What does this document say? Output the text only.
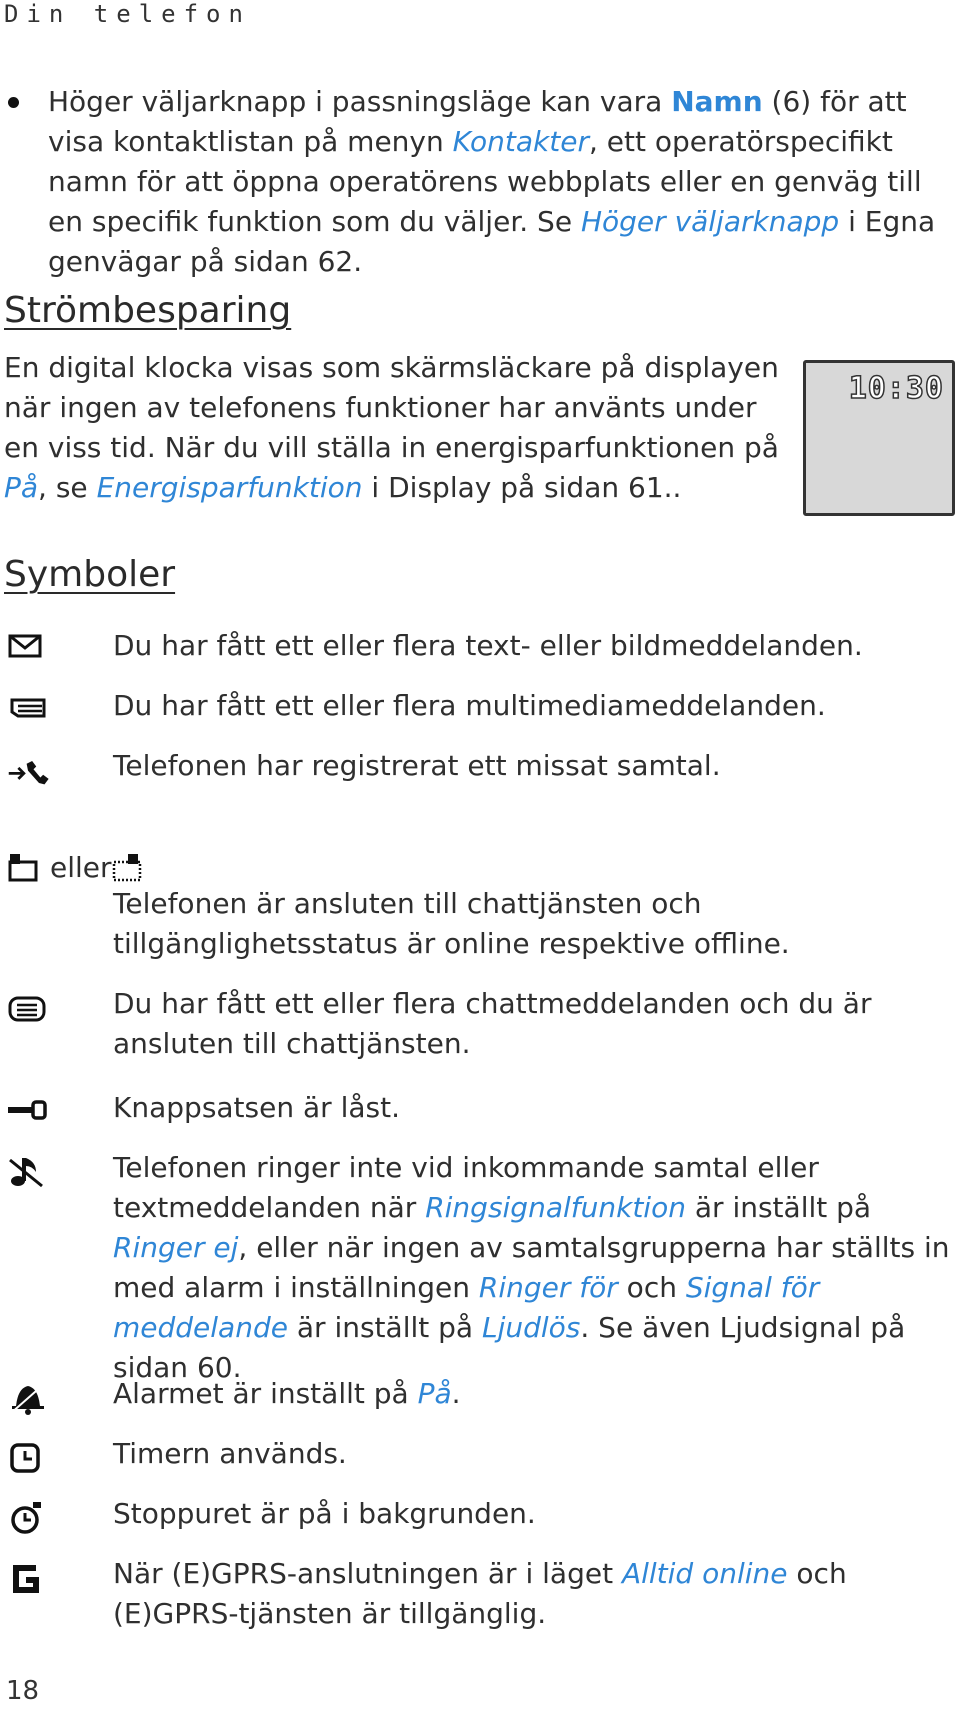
Din telefon
Höger väljarknapp i passningsläge kan vara Namn (6) för att visa kontaktlistan på menyn Kontakter, ett operatörspecifikt namn för att öppna operatörens webbplats eller en genväg till en specifik funktion som du väljer. Se Höger väljarknapp i Egna genvägar på sidan 62.
Strömbesparing
En digital klocka visas som skärmsläckare på displayen när ingen av telefonens funktioner har använts under en viss tid. När du vill ställa in energisparfunktionen på På, se Energisparfunktion i Display på sidan 61..
10:30
Symboler
Du har fått ett eller flera text- eller bildmeddelanden.
Du har fått ett eller flera multimediameddelanden.
Telefonen har registrerat ett missat samtal.
eller
Telefonen är ansluten till chattjänsten och tillgänglighetsstatus är online respektive offline.
Du har fått ett eller flera chattmeddelanden och du är ansluten till chattjänsten.
Knappsatsen är låst.
Telefonen ringer inte vid inkommande samtal eller textmeddelanden när Ringsignalfunktion är inställt på Ringer ej, eller när ingen av samtalsgrupperna har ställts in med alarm i inställningen Ringer för och Signal för meddelande är inställt på Ljudlös. Se även Ljudsignal på sidan 60.
Alarmet är inställt på På.
Timern används.
Stoppuret är på i bakgrunden.
När (E)GPRS-anslutningen är i läget Alltid online och (E)GPRS-tjänsten är tillgänglig.
18
